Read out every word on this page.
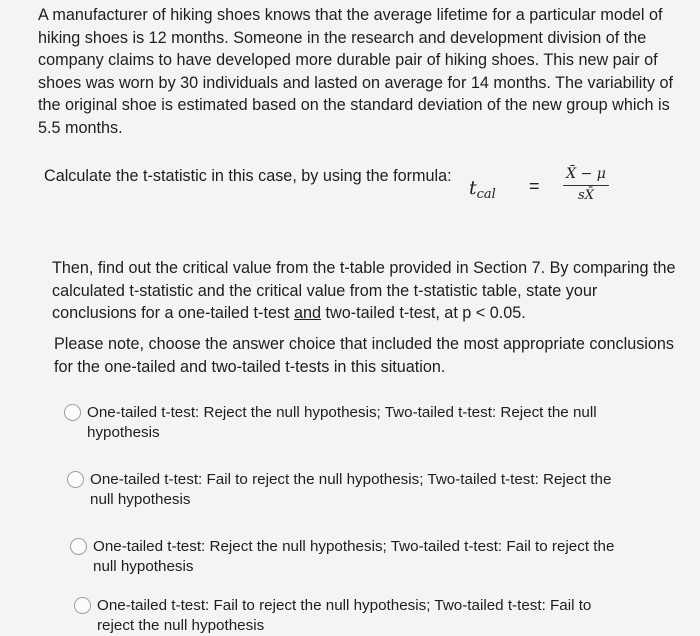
A manufacturer of hiking shoes knows that the average lifetime for a particular model of hiking shoes is 12 months. Someone in the research and development division of the company claims to have developed more durable pair of hiking shoes. This new pair of shoes was worn by 30 individuals and lasted on average for 14 months. The variability of the original shoe is estimated based on the standard deviation of the new group which is 5.5 months.

Calculate the t-statistic in this case, by using the formula:
$t_{cal}$ =
X̄ − μ
sX̄

Then, find out the critical value from the t-table provided in Section 7. By comparing the calculated t-statistic and the critical value from the t-statistic table, state your conclusions for a one-tailed t-test and two-tailed t-test, at p < 0.05.

Please note, choose the answer choice that included the most appropriate conclusions for the one-tailed and two-tailed t-tests in this situation.

One-tailed t-test: Reject the null hypothesis; Two-tailed t-test: Reject the null
hypothesis
One-tailed t-test: Fail to reject the null hypothesis; Two-tailed t-test: Reject the
null hypothesis
One-tailed t-test: Reject the null hypothesis; Two-tailed t-test: Fail to reject the
null hypothesis
One-tailed t-test: Fail to reject the null hypothesis; Two-tailed t-test: Fail to
reject the null hypothesis
